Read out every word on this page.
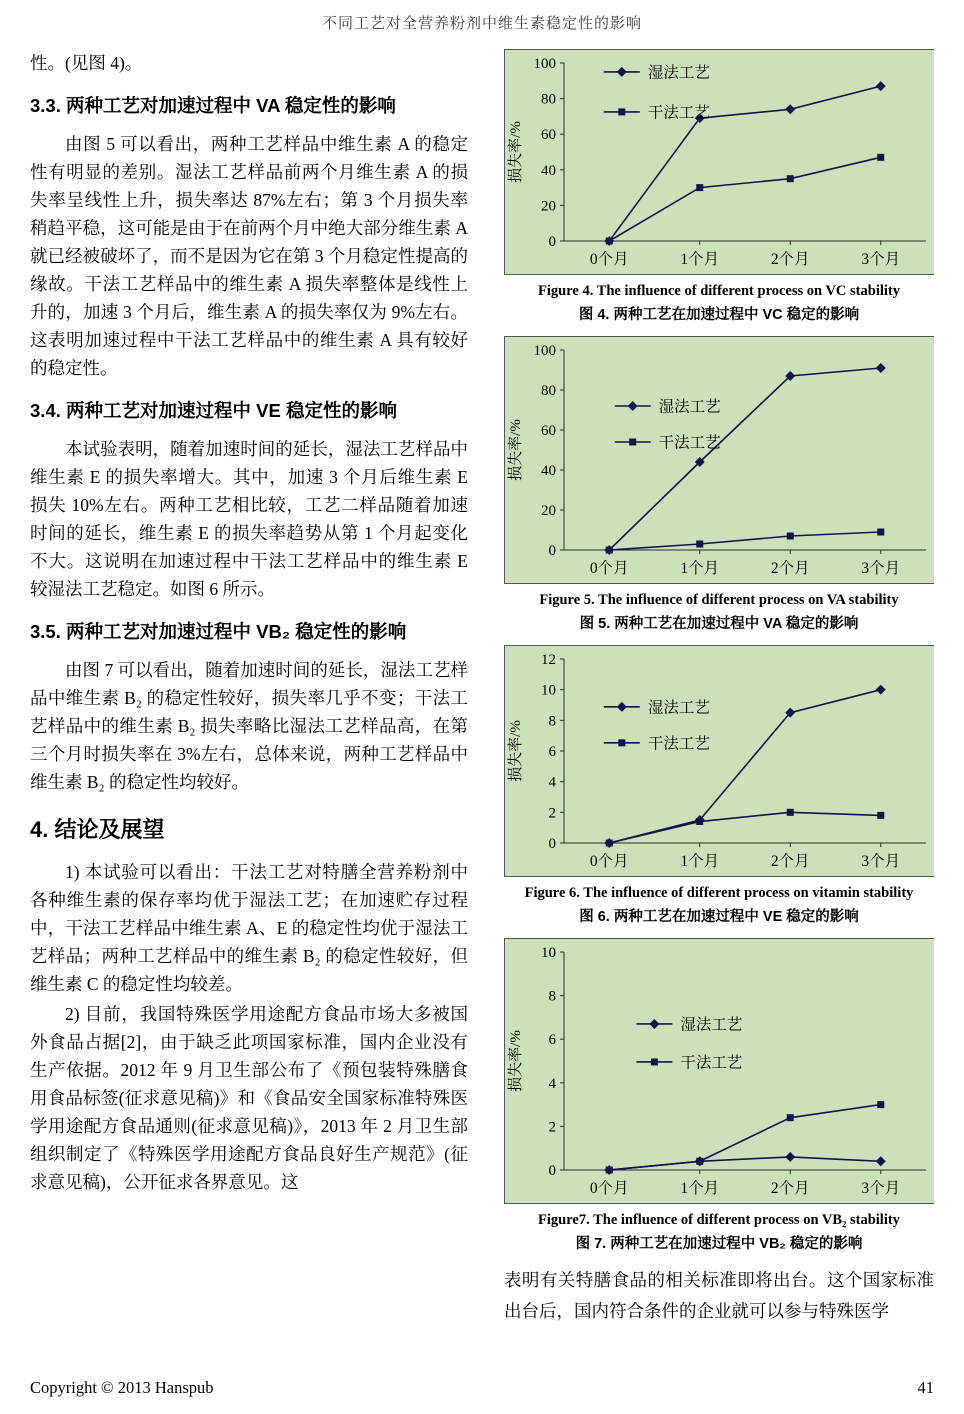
不同工艺对全营养粉剂中维生素稳定性的影响

性。(见图 4)。

3.3. 两种工艺对加速过程中 VA 稳定性的影响

由图 5 可以看出，两种工艺样品中维生素 A 的稳定性有明显的差别。湿法工艺样品前两个月维生素 A 的损失率呈线性上升，损失率达 87%左右；第 3 个月损失率稍趋平稳，这可能是由于在前两个月中绝大部分维生素 A 就已经被破坏了，而不是因为它在第 3 个月稳定性提高的缘故。干法工艺样品中的维生素 A 损失率整体是线性上升的，加速 3 个月后，维生素 A 的损失率仅为 9%左右。这表明加速过程中干法工艺样品中的维生素 A 具有较好的稳定性。

3.4. 两种工艺对加速过程中 VE 稳定性的影响

本试验表明，随着加速时间的延长，湿法工艺样品中维生素 E 的损失率增大。其中，加速 3 个月后维生素 E 损失 10%左右。两种工艺相比较，工艺二样品随着加速时间的延长，维生素 E 的损失率趋势从第 1 个月起变化不大。这说明在加速过程中干法工艺样品中的维生素 E 较湿法工艺稳定。如图 6 所示。

3.5. 两种工艺对加速过程中 VB₂ 稳定性的影响

由图 7 可以看出，随着加速时间的延长，湿法工艺样品中维生素 B₂ 的稳定性较好，损失率几乎不变；干法工艺样品中的维生素 B₂ 损失率略比湿法工艺样品高，在第三个月时损失率在 3%左右，总体来说，两种工艺样品中维生素 B₂ 的稳定性均较好。

4. 结论及展望

1) 本试验可以看出：干法工艺对特膳全营养粉剂中各种维生素的保存率均优于湿法工艺；在加速贮存过程中，干法工艺样品中维生素 A、E 的稳定性均优于湿法工艺样品；两种工艺样品中的维生素 B₂ 的稳定性较好，但维生素 C 的稳定性均较差。

2) 目前，我国特殊医学用途配方食品市场大多被国外食品占据[2]，由于缺乏此项国家标准，国内企业没有生产依据。2012 年 9 月卫生部公布了《预包装特殊膳食用食品标签(征求意见稿)》和《食品安全国家标准特殊医学用途配方食品通则(征求意见稿)》，2013 年 2 月卫生部组织制定了《特殊医学用途配方食品良好生产规范》(征求意见稿)，公开征求各界意见。这

0
20
40
60
80
100
0个月	1个月	2个月	3个月
损失率/%
湿法工艺
干法工艺
Figure 4. The influence of different process on VC stability
图 4. 两种工艺在加速过程中 VC 稳定的影响
0
20
40
60
80
100
0个月	1个月	2个月	3个月
损失率/%
湿法工艺
干法工艺
Figure 5. The influence of different process on VA stability
图 5. 两种工艺在加速过程中 VA 稳定的影响
0
2
4
6
8
10
12
0个月	1个月	2个月	3个月
损失率/%
湿法工艺
干法工艺
Figure 6. The influence of different process on vitamin stability
图 6. 两种工艺在加速过程中 VE 稳定的影响
0
2
4
6
8
10
0个月	1个月	2个月	3个月
损失率/%
湿法工艺
干法工艺
Figure7. The influence of different process on VB₂ stability
图 7. 两种工艺在加速过程中 VB₂ 稳定的影响

表明有关特膳食品的相关标准即将出台。这个国家标准出台后，国内符合条件的企业就可以参与特殊医学

Copyright © 2013 Hanspub	41
